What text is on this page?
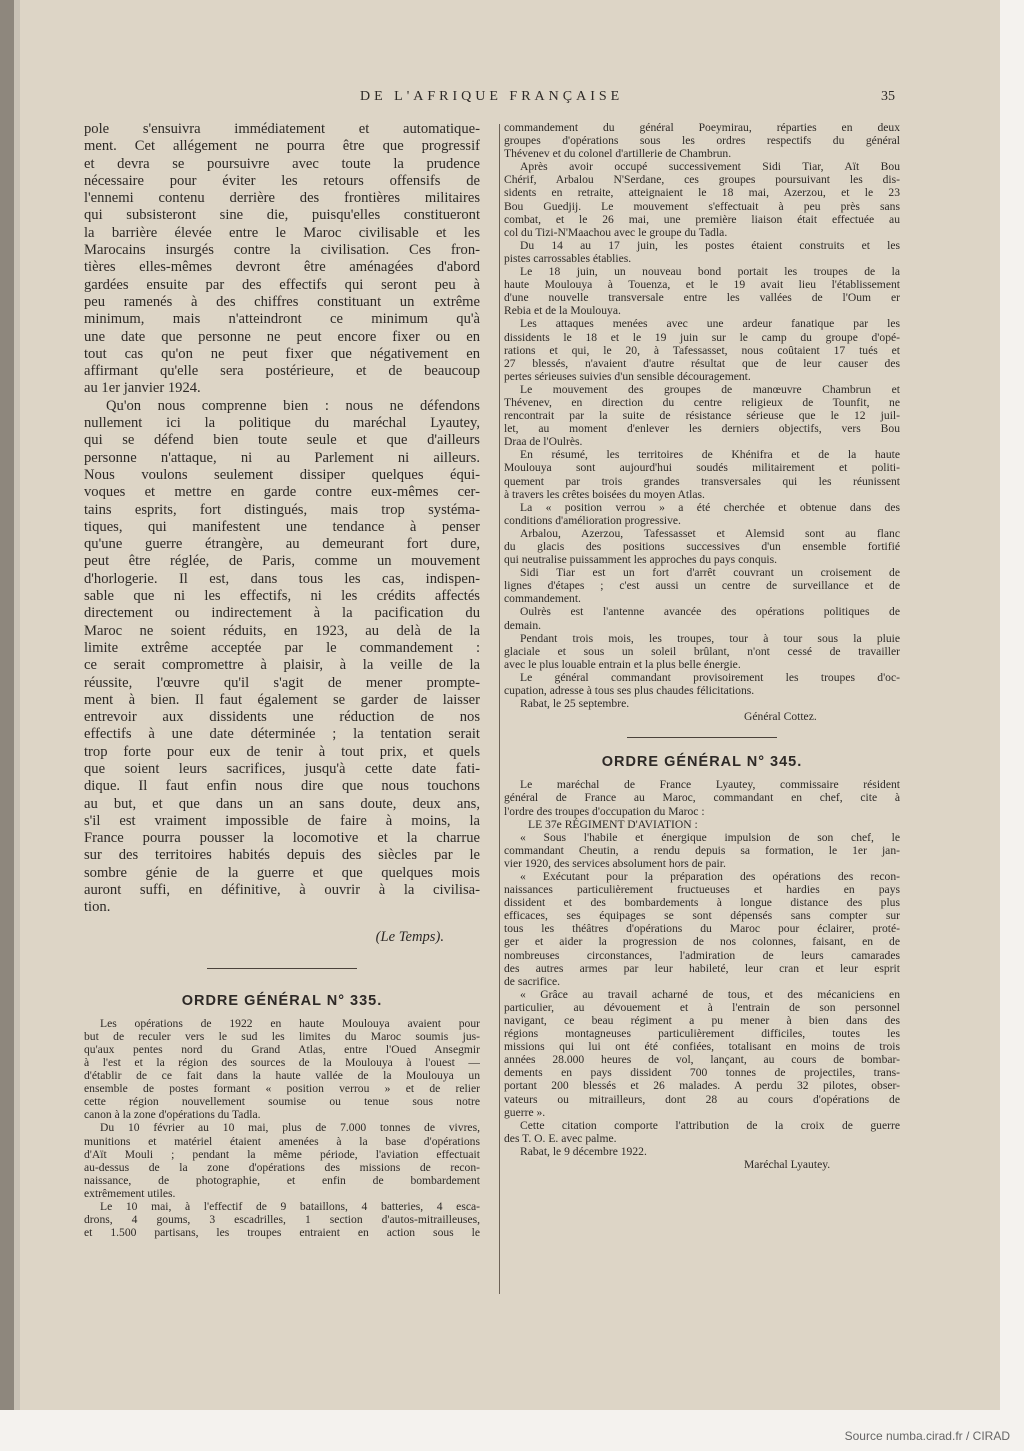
DE L'AFRIQUE FRANÇAISE	35
pole s'ensuivra immédiatement et automatique-
ment. Cet allégement ne pourra être que progressif
et devra se poursuivre avec toute la prudence
nécessaire pour éviter les retours offensifs de
l'ennemi contenu derrière des frontières militaires
qui subsisteront sine die, puisqu'elles constitueront
la barrière élevée entre le Maroc civilisable et les
Marocains insurgés contre la civilisation. Ces fron-
tières elles-mêmes devront être aménagées d'abord
gardées ensuite par des effectifs qui seront peu à
peu ramenés à des chiffres constituant un extrême
minimum, mais n'atteindront ce minimum qu'à
une date que personne ne peut encore fixer ou en
tout cas qu'on ne peut fixer que négativement en
affirmant qu'elle sera postérieure, et de beaucoup
au 1er janvier 1924.
Qu'on nous comprenne bien : nous ne défendons
nullement ici la politique du maréchal Lyautey,
qui se défend bien toute seule et que d'ailleurs
personne n'attaque, ni au Parlement ni ailleurs.
Nous voulons seulement dissiper quelques équi-
voques et mettre en garde contre eux-mêmes cer-
tains esprits, fort distingués, mais trop systéma-
tiques, qui manifestent une tendance à penser
qu'une guerre étrangère, au demeurant fort dure,
peut être réglée, de Paris, comme un mouvement
d'horlogerie. Il est, dans tous les cas, indispen-
sable que ni les effectifs, ni les crédits affectés
directement ou indirectement à la pacification du
Maroc ne soient réduits, en 1923, au delà de la
limite extrême acceptée par le commandement :
ce serait compromettre à plaisir, à la veille de la
réussite, l'œuvre qu'il s'agit de mener prompte-
ment à bien. Il faut également se garder de laisser
entrevoir aux dissidents une réduction de nos
effectifs à une date déterminée ; la tentation serait
trop forte pour eux de tenir à tout prix, et quels
que soient leurs sacrifices, jusqu'à cette date fati-
dique. Il faut enfin nous dire que nous touchons
au but, et que dans un an sans doute, deux ans,
s'il est vraiment impossible de faire à moins, la
France pourra pousser la locomotive et la charrue
sur des territoires habités depuis des siècles par le
sombre génie de la guerre et que quelques mois
auront suffi, en définitive, à ouvrir à la civilisa-
tion.
(Le Temps).
ORDRE GÉNÉRAL N° 335.
Les opérations de 1922 en haute Moulouya avaient pour
but de reculer vers le sud les limites du Maroc soumis jus-
qu'aux pentes nord du Grand Atlas, entre l'Oued Ansegmir
à l'est et la région des sources de la Moulouya à l'ouest —
d'établir de ce fait dans la haute vallée de la Moulouya un
ensemble de postes formant « position verrou » et de relier
cette région nouvellement soumise ou tenue sous notre
canon à la zone d'opérations du Tadla.
Du 10 février au 10 mai, plus de 7.000 tonnes de vivres,
munitions et matériel étaient amenées à la base d'opérations
d'Aït Mouli ; pendant la même période, l'aviation effectuait
au-dessus de la zone d'opérations des missions de recon-
naissance, de photographie, et enfin de bombardement
extrêmement utiles.
Le 10 mai, à l'effectif de 9 bataillons, 4 batteries, 4 esca-
drons, 4 goums, 3 escadrilles, 1 section d'autos-mitrailleuses,
et 1.500 partisans, les troupes entraient en action sous le
commandement du général Poeymirau, réparties en deux
groupes d'opérations sous les ordres respectifs du général
Thévenev et du colonel d'artillerie de Chambrun.
Après avoir occupé successivement Sidi Tiar, Aït Bou
Chérif, Arbalou N'Serdane, ces groupes poursuivant les dis-
sidents en retraite, atteignaient le 18 mai, Azerzou, et le 23
Bou Guedjij. Le mouvement s'effectuait à peu près sans
combat, et le 26 mai, une première liaison était effectuée au
col du Tizi-N'Maachou avec le groupe du Tadla.
Du 14 au 17 juin, les postes étaient construits et les
pistes carrossables établies.
Le 18 juin, un nouveau bond portait les troupes de la
haute Moulouya à Touenza, et le 19 avait lieu l'établissement
d'une nouvelle transversale entre les vallées de l'Oum er
Rebia et de la Moulouya.
Les attaques menées avec une ardeur fanatique par les
dissidents le 18 et le 19 juin sur le camp du groupe d'opé-
rations et qui, le 20, à Tafessasset, nous coûtaient 17 tués et
27 blessés, n'avaient d'autre résultat que de leur causer des
pertes sérieuses suivies d'un sensible découragement.
Le mouvement des groupes de manœuvre Chambrun et
Thévenev, en direction du centre religieux de Tounfit, ne
rencontrait par la suite de résistance sérieuse que le 12 juil-
let, au moment d'enlever les derniers objectifs, vers Bou
Draa de l'Oulrès.
En résumé, les territoires de Khénifra et de la haute
Moulouya sont aujourd'hui soudés militairement et politi-
quement par trois grandes transversales qui les réunissent
à travers les crêtes boisées du moyen Atlas.
La « position verrou » a été cherchée et obtenue dans des
conditions d'amélioration progressive.
Arbalou, Azerzou, Tafessasset et Alemsid sont au flanc
du glacis des positions successives d'un ensemble fortifié
qui neutralise puissamment les approches du pays conquis.
Sidi Tiar est un fort d'arrêt couvrant un croisement de
lignes d'étapes ; c'est aussi un centre de surveillance et de
commandement.
Oulrès est l'antenne avancée des opérations politiques de
demain.
Pendant trois mois, les troupes, tour à tour sous la pluie
glaciale et sous un soleil brûlant, n'ont cessé de travailler
avec le plus louable entrain et la plus belle énergie.
Le général commandant provisoirement les troupes d'oc-
cupation, adresse à tous ses plus chaudes félicitations.
Rabat, le 25 septembre.
Général Cottez.
ORDRE GÉNÉRAL N° 345.
Le maréchal de France Lyautey, commissaire résident
général de France au Maroc, commandant en chef, cite à
l'ordre des troupes d'occupation du Maroc :
LE 37e RÉGIMENT D'AVIATION :
« Sous l'habile et énergique impulsion de son chef, le
commandant Cheutin, a rendu depuis sa formation, le 1er jan-
vier 1920, des services absolument hors de pair.
« Exécutant pour la préparation des opérations des recon-
naissances particulièrement fructueuses et hardies en pays
dissident et des bombardements à longue distance des plus
efficaces, ses équipages se sont dépensés sans compter sur
tous les théâtres d'opérations du Maroc pour éclairer, proté-
ger et aider la progression de nos colonnes, faisant, en de
nombreuses circonstances, l'admiration de leurs camarades
des autres armes par leur habileté, leur cran et leur esprit
de sacrifice.
« Grâce au travail acharné de tous, et des mécaniciens en
particulier, au dévouement et à l'entrain de son personnel
navigant, ce beau régiment a pu mener à bien dans des
régions montagneuses particulièrement difficiles, toutes les
missions qui lui ont été confiées, totalisant en moins de trois
années 28.000 heures de vol, lançant, au cours de bombar-
dements en pays dissident 700 tonnes de projectiles, trans-
portant 200 blessés et 26 malades. A perdu 32 pilotes, obser-
vateurs ou mitrailleurs, dont 28 au cours d'opérations de
guerre ».
Cette citation comporte l'attribution de la croix de guerre
des T. O. E. avec palme.
Rabat, le 9 décembre 1922.
Maréchal Lyautey.
Source numba.cirad.fr / CIRAD
